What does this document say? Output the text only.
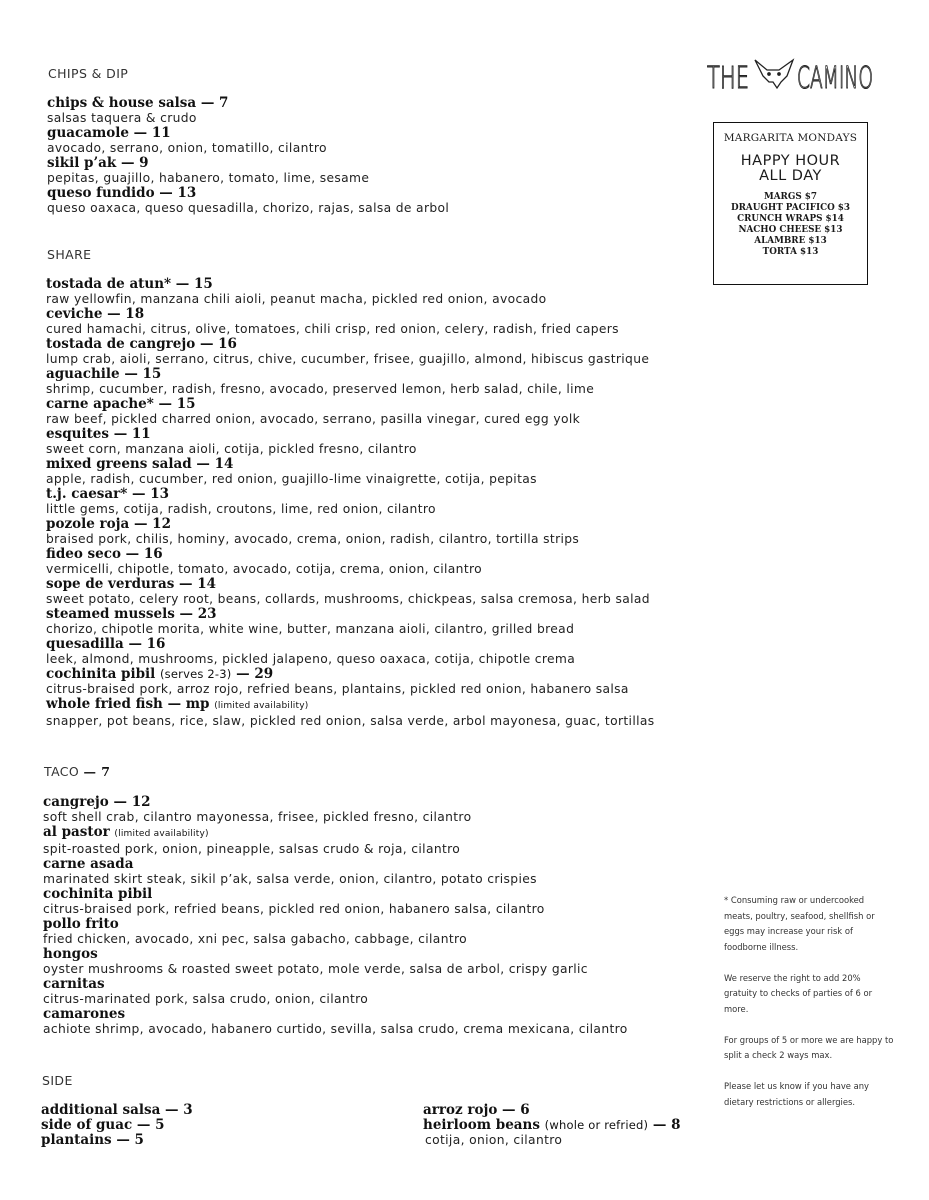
THE CAMINO
MARGARITA MONDAYS
HAPPY HOUR
ALL DAY
MARGS $7
DRAUGHT PACIFICO $3
CRUNCH WRAPS $14
NACHO CHEESE $13
ALAMBRE $13
TORTA $13
CHIPS & DIP
chips & house salsa — 7
salsas taquera & crudo
guacamole — 11
avocado, serrano, onion, tomatillo, cilantro
sikil p’ak — 9
pepitas, guajillo, habanero, tomato, lime, sesame
queso fundido — 13
queso oaxaca, queso quesadilla, chorizo, rajas, salsa de arbol
SHARE
tostada de atun* — 15
raw yellowfin, manzana chili aioli, peanut macha, pickled red onion, avocado
ceviche — 18
cured hamachi, citrus, olive, tomatoes, chili crisp, red onion, celery, radish, fried capers
tostada de cangrejo — 16
lump crab, aioli, serrano, citrus, chive, cucumber, frisee, guajillo, almond, hibiscus gastrique
aguachile — 15
shrimp, cucumber, radish, fresno, avocado, preserved lemon, herb salad, chile, lime
carne apache* — 15
raw beef, pickled charred onion, avocado, serrano, pasilla vinegar, cured egg yolk
esquites — 11
sweet corn, manzana aioli, cotija, pickled fresno, cilantro
mixed greens salad — 14
apple, radish, cucumber, red onion, guajillo-lime vinaigrette, cotija, pepitas
t.j. caesar* — 13
little gems, cotija, radish, croutons, lime, red onion, cilantro
pozole roja — 12
braised pork, chilis, hominy, avocado, crema, onion, radish, cilantro, tortilla strips
fideo seco — 16
vermicelli, chipotle, tomato, avocado, cotija, crema, onion, cilantro
sope de verduras — 14
sweet potato, celery root, beans, collards, mushrooms, chickpeas, salsa cremosa, herb salad
steamed mussels — 23
chorizo, chipotle morita, white wine, butter, manzana aioli, cilantro, grilled bread
quesadilla — 16
leek, almond, mushrooms, pickled jalapeno, queso oaxaca, cotija, chipotle crema
cochinita pibil (serves 2-3) — 29
citrus-braised pork, arroz rojo, refried beans, plantains, pickled red onion, habanero salsa
whole fried fish — mp (limited availability)
snapper, pot beans, rice, slaw, pickled red onion, salsa verde, arbol mayonesa, guac, tortillas
TACO — 7
cangrejo — 12
soft shell crab, cilantro mayonessa, frisee, pickled fresno, cilantro
al pastor (limited availability)
spit-roasted pork, onion, pineapple, salsas crudo & roja, cilantro
carne asada
marinated skirt steak, sikil p’ak, salsa verde, onion, cilantro, potato crispies
cochinita pibil
citrus-braised pork, refried beans, pickled red onion, habanero salsa, cilantro
pollo frito
fried chicken, avocado, xni pec, salsa gabacho, cabbage, cilantro
hongos
oyster mushrooms & roasted sweet potato, mole verde, salsa de arbol, crispy garlic
carnitas
citrus-marinated pork, salsa crudo, onion, cilantro
camarones
achiote shrimp, avocado, habanero curtido, sevilla, salsa crudo, crema mexicana, cilantro
SIDE
additional salsa — 3
side of guac — 5
plantains — 5
arroz rojo — 6
heirloom beans (whole or refried) — 8
cotija, onion, cilantro

* Consuming raw or undercooked meats, poultry, seafood, shellfish or eggs may increase your risk of foodborne illness.

We reserve the right to add 20% gratuity to checks of parties of 6 or more.

For groups of 5 or more we are happy to split a check 2 ways max.

Please let us know if you have any dietary restrictions or allergies.
